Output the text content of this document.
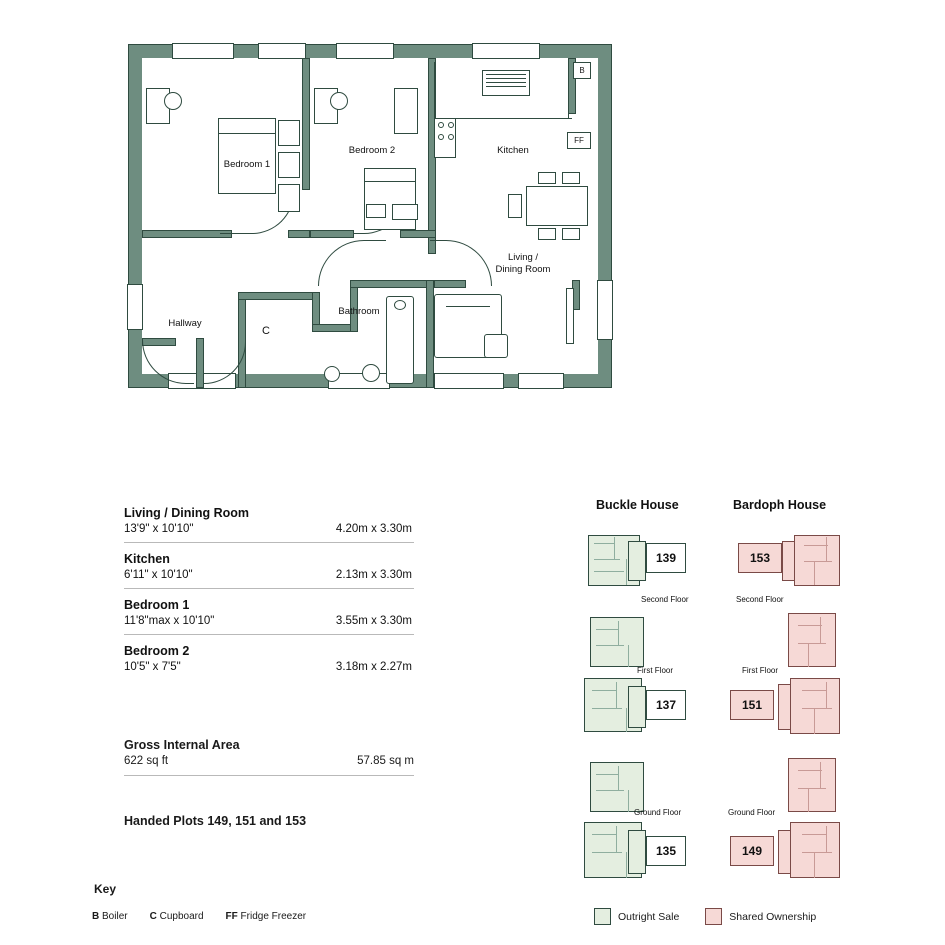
Bedroom 1
Bedroom 2	Kitchen
Living /
Dining Room
Bathroom
Hallway
C
B
FF
Living / Dining Room
13'9" x 10'10"	4.20m x 3.30m
Kitchen
6'11" x 10'10"	2.13m x 3.30m
Bedroom 1
11'8"max x 10'10"	3.55m x 3.30m
Bedroom 2
10'5" x 7'5"	3.18m x 2.27m
Gross Internal Area
622 sq ft	57.85 sq m
Handed Plots 149, 151 and 153
Key
B Boiler C Cupboard FF Fridge Freezer
Buckle House	Bardoph House
139
Second Floor
First Floor
137
Ground Floor
135
153
Second Floor
First Floor
151
Ground Floor
149
Outright Sale	Shared Ownership
